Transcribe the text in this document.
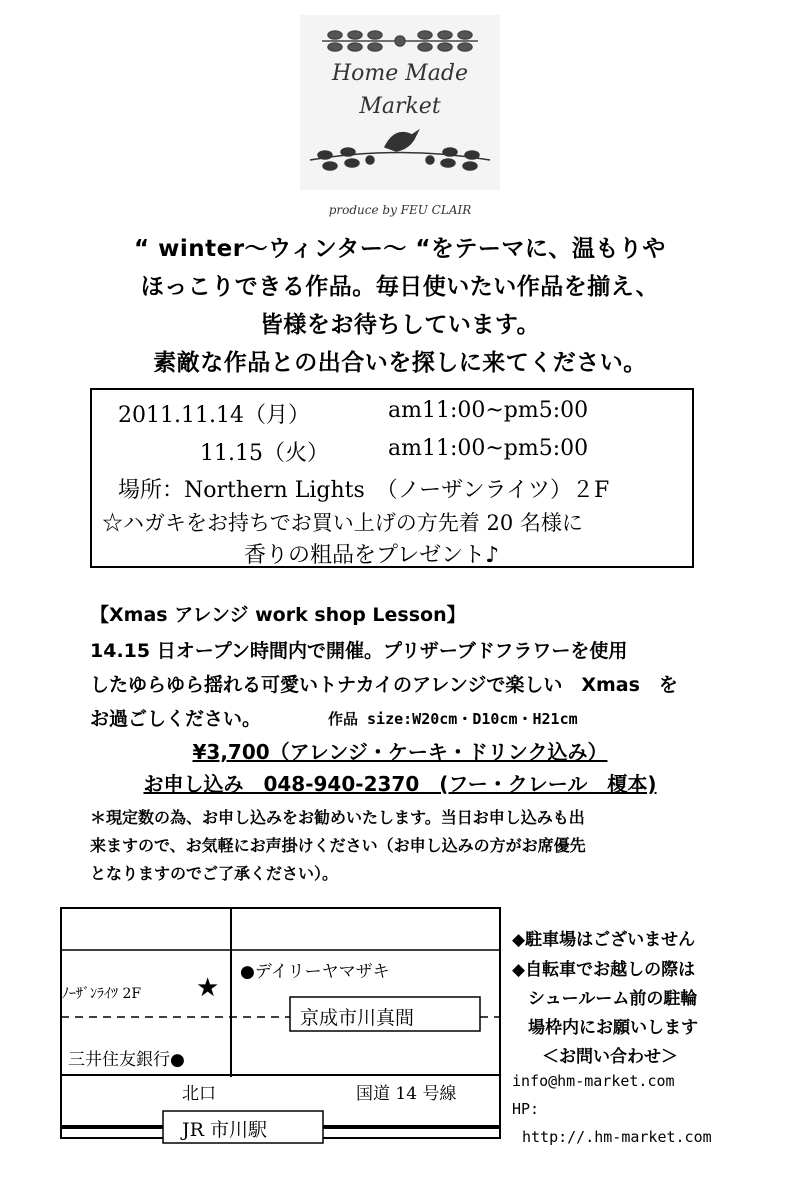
Home Made
Market
produce by FEU CLAIR
“ winter～ウィンター～ “をテーマに、温もりや
ほっこりできる作品。毎日使いたい作品を揃え、
皆様をお待ちしています。
素敵な作品との出合いを探しに来てください。
2011.11.14（月）	am11:00~pm5:00
11.15（火）	am11:00~pm5:00
場所：Northern Lights　（ノーザンライツ）２F
☆ハガキをお持ちでお買い上げの方先着 20 名様に
香りの粗品をプレゼント♪
【Xmas アレンジ work shop Lesson】
14.15 日オープン時間内で開催。プリザーブドフラワーを使用
したゆらゆら揺れる可愛いトナカイのアレンジで楽しい　Xmas　を
お過ごしください。	作品 size:W20cm・D10cm・H21cm
¥3,700（アレンジ・ケーキ・ドリンク込み）
お申し込み　048-940-2370　(フー・クレール　榎本)
＊現定数の為、お申し込みをお勧めいたします。当日お申し込みも出
来ますので、お気軽にお声掛けください（お申し込みの方がお席優先
となりますのでご了承ください）。
●デイリーヤマザキ
ﾉｰｻﾞﾝﾗｲﾂ 2F ★
京成市川真間
三井住友銀行●
北口	国道 14 号線
JR 市川駅
◆駐車場はございません
◆自転車でお越しの際は
シュールーム前の駐輪
場枠内にお願いします
＜お問い合わせ＞
info@hm-market.com
HP:
http://.hm-market.com
